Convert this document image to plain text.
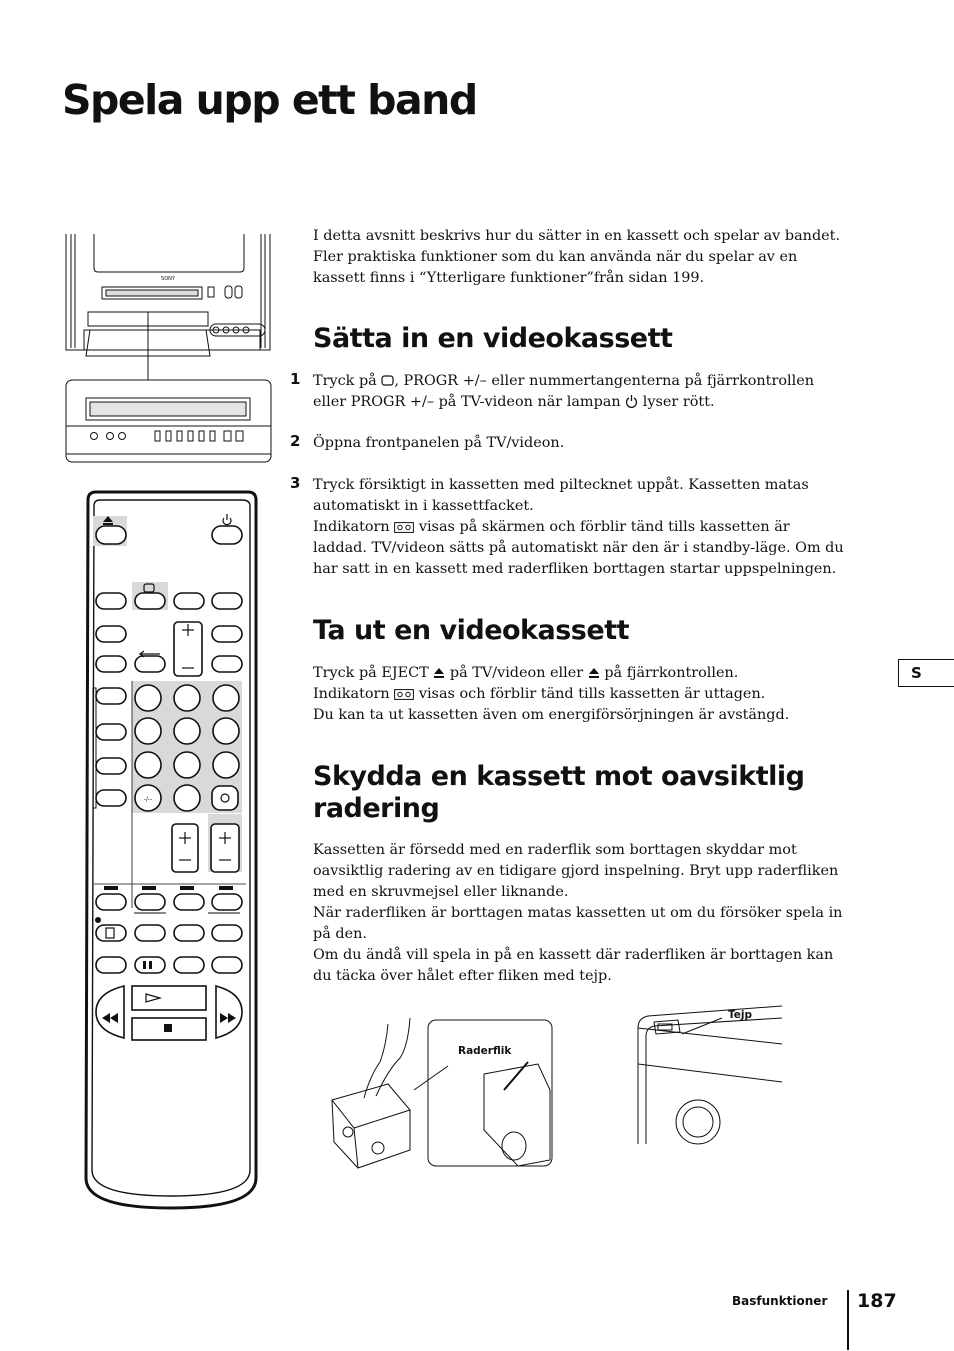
Spela upp ett band

I detta avsnitt beskrivs hur du sätter in en kassett och spelar av bandet. Fler praktiska funktioner som du kan använda när du spelar av en kassett finns i “Ytterligare funktioner”från sidan 199.

Sätta in en videokassett
1 Tryck på , PROGR +/– eller nummertangenterna på fjärrkontrollen eller PROGR +/– på TV-videon när lampan  lyser rött.

2 Öppna frontpanelen på TV/videon.

3 Tryck försiktigt in kassetten med piltecknet uppåt. Kassetten matas automatiskt in i kassettfacket.

Indikatorn  visas på skärmen och förblir tänd tills kassetten är laddad. TV/videon sätts på automatiskt när den är i standby-läge. Om du har satt in en kassett med raderfliken borttagen startar uppspelningen.

Ta ut en videokassett

Tryck på EJECT  på TV/videon eller  på fjärrkontrollen.

Indikatorn  visas och förblir tänd tills kassetten är uttagen.

Du kan ta ut kassetten även om energiförsörjningen är avstängd.

Skydda en kassett mot oavsiktlig radering

Kassetten är försedd med en raderflik som borttagen skyddar mot oavsiktlig radering av en tidigare gjord inspelning. Bryt upp raderfliken med en skruvmejsel eller liknande.

När raderfliken är borttagen matas kassetten ut om du försöker spela in på den.

Om du ändå vill spela in på en kassett där raderfliken är borttagen kan du täcka över hålet efter fliken med tejp.

S
Basfunktioner 187
SONY
-/--
Raderflik
Tejp
